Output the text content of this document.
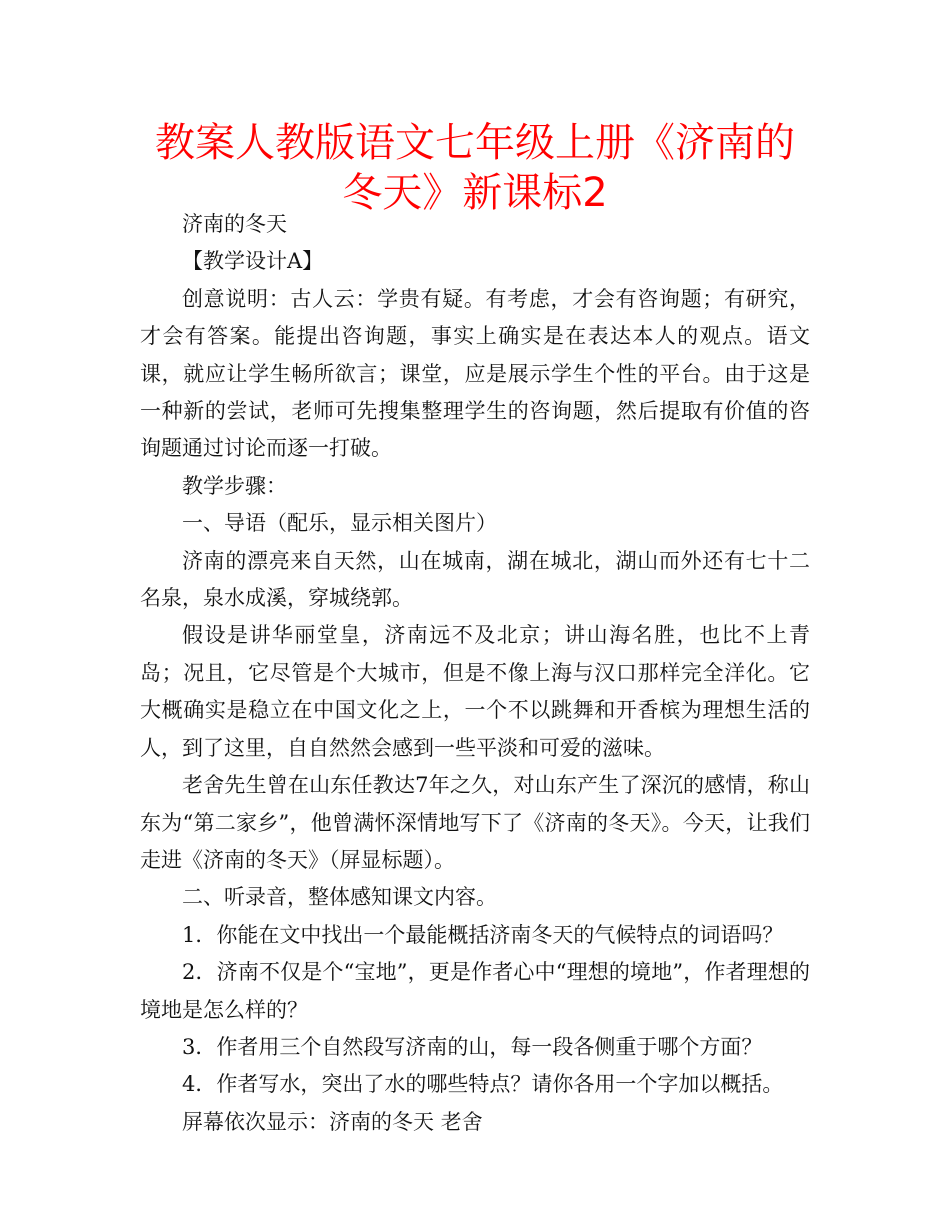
教案人教版语文七年级上册《济南的冬天》新课标2

济南的冬天

【教学设计A】

创意说明：古人云：学贵有疑。有考虑，才会有咨询题；有研究，才会有答案。能提出咨询题，事实上确实是在表达本人的观点。语文课，就应让学生畅所欲言；课堂，应是展示学生个性的平台。由于这是一种新的尝试，老师可先搜集整理学生的咨询题，然后提取有价值的咨询题通过讨论而逐一打破。

教学步骤：

一、导语（配乐，显示相关图片）

济南的漂亮来自天然，山在城南，湖在城北，湖山而外还有七十二名泉，泉水成溪，穿城绕郭。

假设是讲华丽堂皇，济南远不及北京；讲山海名胜，也比不上青岛；况且，它尽管是个大城市，但是不像上海与汉口那样完全洋化。它大概确实是稳立在中国文化之上，一个不以跳舞和开香槟为理想生活的人，到了这里，自自然然会感到一些平淡和可爱的滋味。

老舍先生曾在山东任教达7年之久，对山东产生了深沉的感情，称山东为“第二家乡”，他曾满怀深情地写下了《济南的冬天》。今天，让我们走进《济南的冬天》（屏显标题）。

二、听录音，整体感知课文内容。

1．你能在文中找出一个最能概括济南冬天的气候特点的词语吗？

2．济南不仅是个“宝地”，更是作者心中“理想的境地”，作者理想的境地是怎么样的？

3．作者用三个自然段写济南的山，每一段各侧重于哪个方面？

4．作者写水，突出了水的哪些特点？请你各用一个字加以概括。

屏幕依次显示：济南的冬天 老舍
